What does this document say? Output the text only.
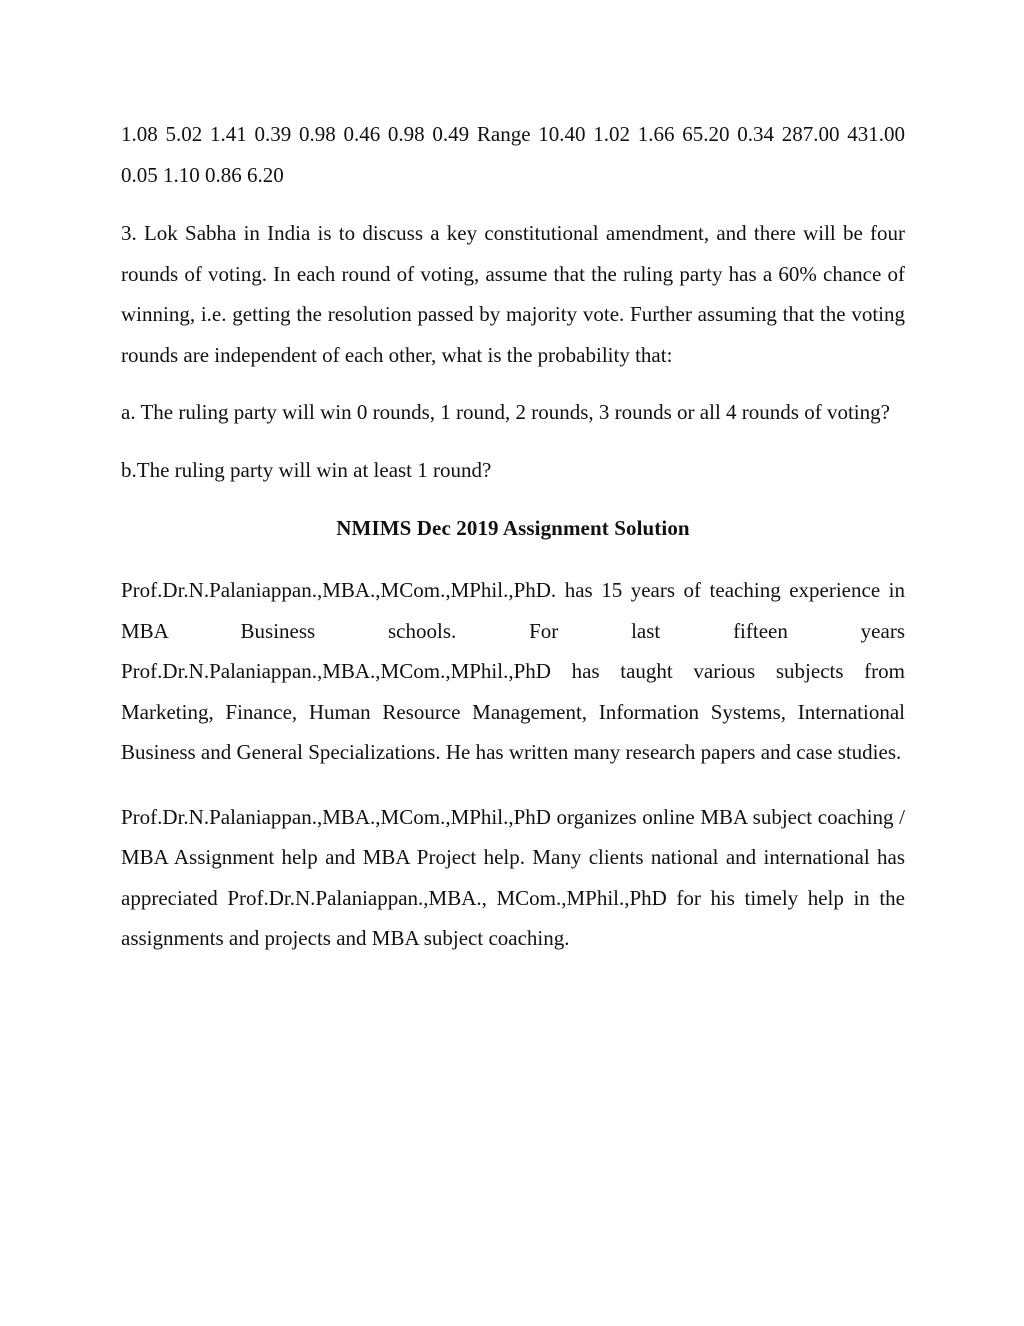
1.08 5.02 1.41 0.39 0.98 0.46 0.98 0.49 Range 10.40 1.02 1.66 65.20 0.34 287.00 431.00 0.05 1.10 0.86 6.20

3. Lok Sabha in India is to discuss a key constitutional amendment, and there will be four rounds of voting. In each round of voting, assume that the ruling party has a 60% chance of winning, i.e. getting the resolution passed by majority vote. Further assuming that the voting rounds are independent of each other, what is the probability that:

a. The ruling party will win 0 rounds, 1 round, 2 rounds, 3 rounds or all 4 rounds of voting?

b.The ruling party will win at least 1 round?

NMIMS Dec 2019 Assignment Solution

Prof.Dr.N.Palaniappan.,MBA.,MCom.,MPhil.,PhD. has 15 years of teaching experience in MBA Business schools. For last fifteen years Prof.Dr.N.Palaniappan.,MBA.,MCom.,MPhil.,PhD has taught various subjects from Marketing, Finance, Human Resource Management, Information Systems, International Business and General Specializations. He has written many research papers and case studies.

Prof.Dr.N.Palaniappan.,MBA.,MCom.,MPhil.,PhD organizes online MBA subject coaching / MBA Assignment help and MBA Project help. Many clients national and international has appreciated Prof.Dr.N.Palaniappan.,MBA., MCom.,MPhil.,PhD for his timely help in the assignments and projects and MBA subject coaching.
